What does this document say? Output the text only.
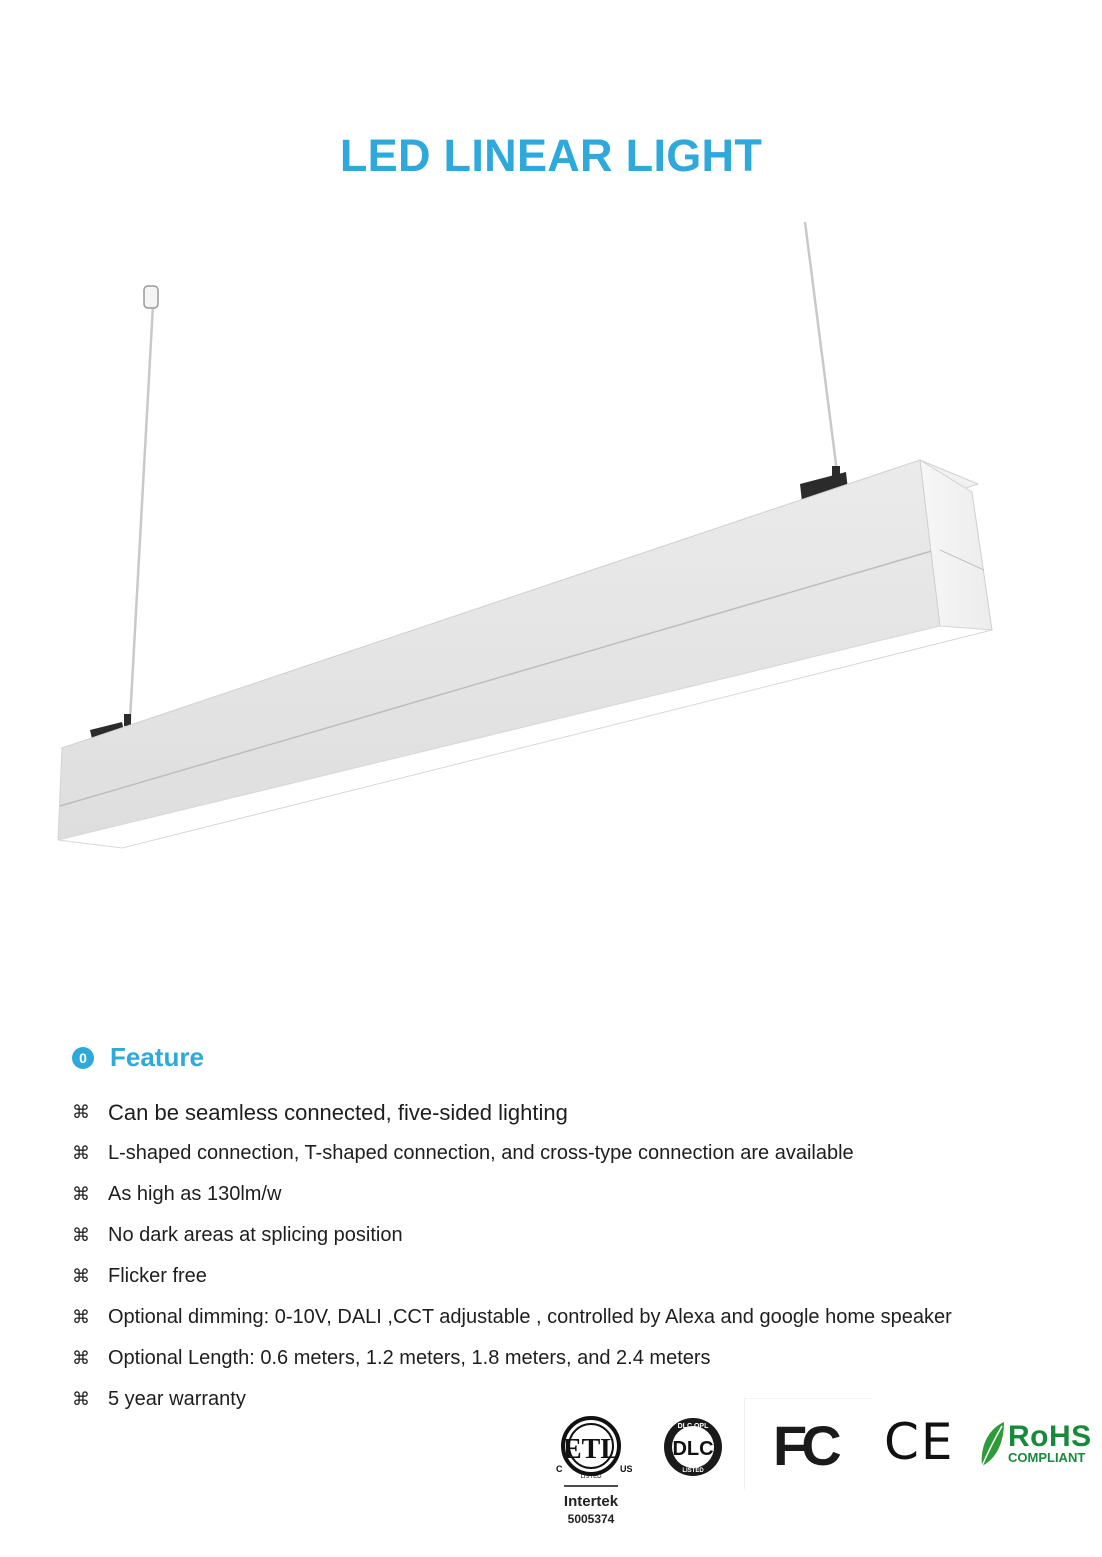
LED LINEAR LIGHT
0 Feature
⌘ Can be seamless connected, five-sided lighting
⌘ L-shaped connection, T-shaped connection, and cross-type connection are available
⌘ As high as 130lm/w
⌘ No dark areas at splicing position
⌘ Flicker free
⌘ Optional dimming: 0-10V, DALI ,CCT adjustable , controlled by Alexa and google home speaker
⌘ Optional Length: 0.6 meters, 1.2 meters, 1.8 meters, and 2.4 meters
⌘ 5 year warranty
ETL
C	US
LISTED
Intertek
5005374
DLC QPL
DLC
LISTED FC CE RoHS
COMPLIANT
